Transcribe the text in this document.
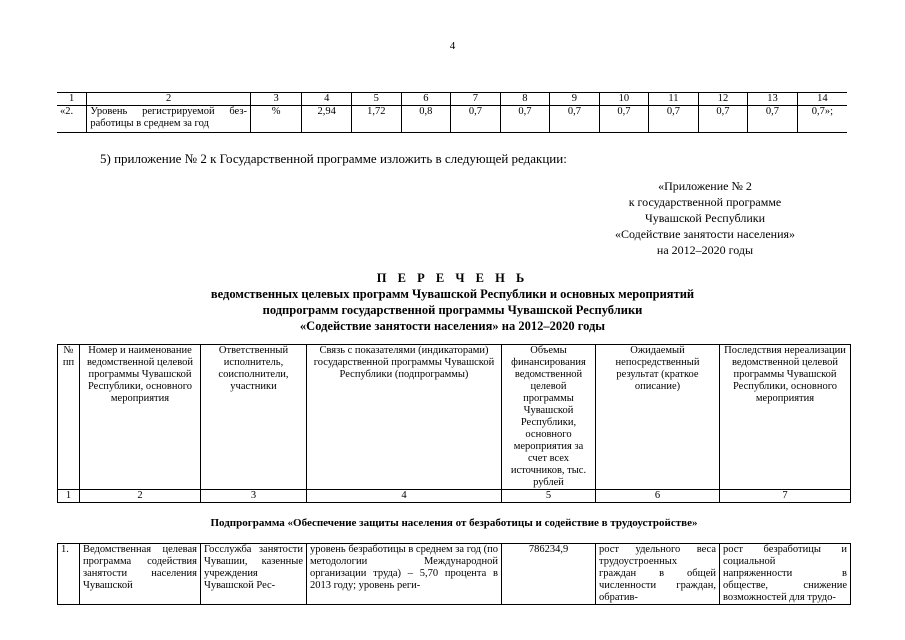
4
1	2	3	4	5	6	7	8	9	10	11	12	13	14
«2.	Уровень регистрируемой без-работицы в среднем за год	%	2,94	1,72	0,8	0,7	0,7	0,7	0,7	0,7	0,7	0,7	0,7»;
5) приложение № 2 к Государственной программе изложить в следующей редакции:
«Приложение № 2
к государственной программе
Чувашской Республики
«Содействие занятости населения»
на 2012–2020 годы
П Е Р Е Ч Е Н Ь
ведомственных целевых программ Чувашской Республики и основных мероприятий
подпрограмм государственной программы Чувашской Республики
«Содействие занятости населения» на 2012–2020 годы
№ пп	Номер и наименование ведомственной целевой программы Чувашской Республики, основного мероприятия	Ответственный исполнитель, соисполнители, участники	Связь с показателями (индикаторами) государственной программы Чувашской Республики (подпрограммы)	Объемы финансирования ведомственной целевой программы Чувашской Республики, основного мероприятия за счет всех источников, тыс. рублей	Ожидаемый непосредственный результат (краткое описание)	Последствия нереализации ведомственной целевой программы Чувашской Республики, основного мероприятия
1	2	3	4	5	6	7
Подпрограмма «Обеспечение защиты населения от безработицы и содействие в трудоустройстве»						
1.	Ведомственная целевая программа содействия занятости населения Чувашской	Госслужба занятости Чувашии, казенные учреждения Чувашской Рес-	уровень безработицы в среднем за год (по методологии Международной организации труда) – 5,70 процента в 2013 году; уровень реги-	786234,9	рост удельного веса трудоустроенных граждан в общей численности граждан, обратив-	рост безработицы и социальной напряженности в обществе, снижение возможностей для трудо-
